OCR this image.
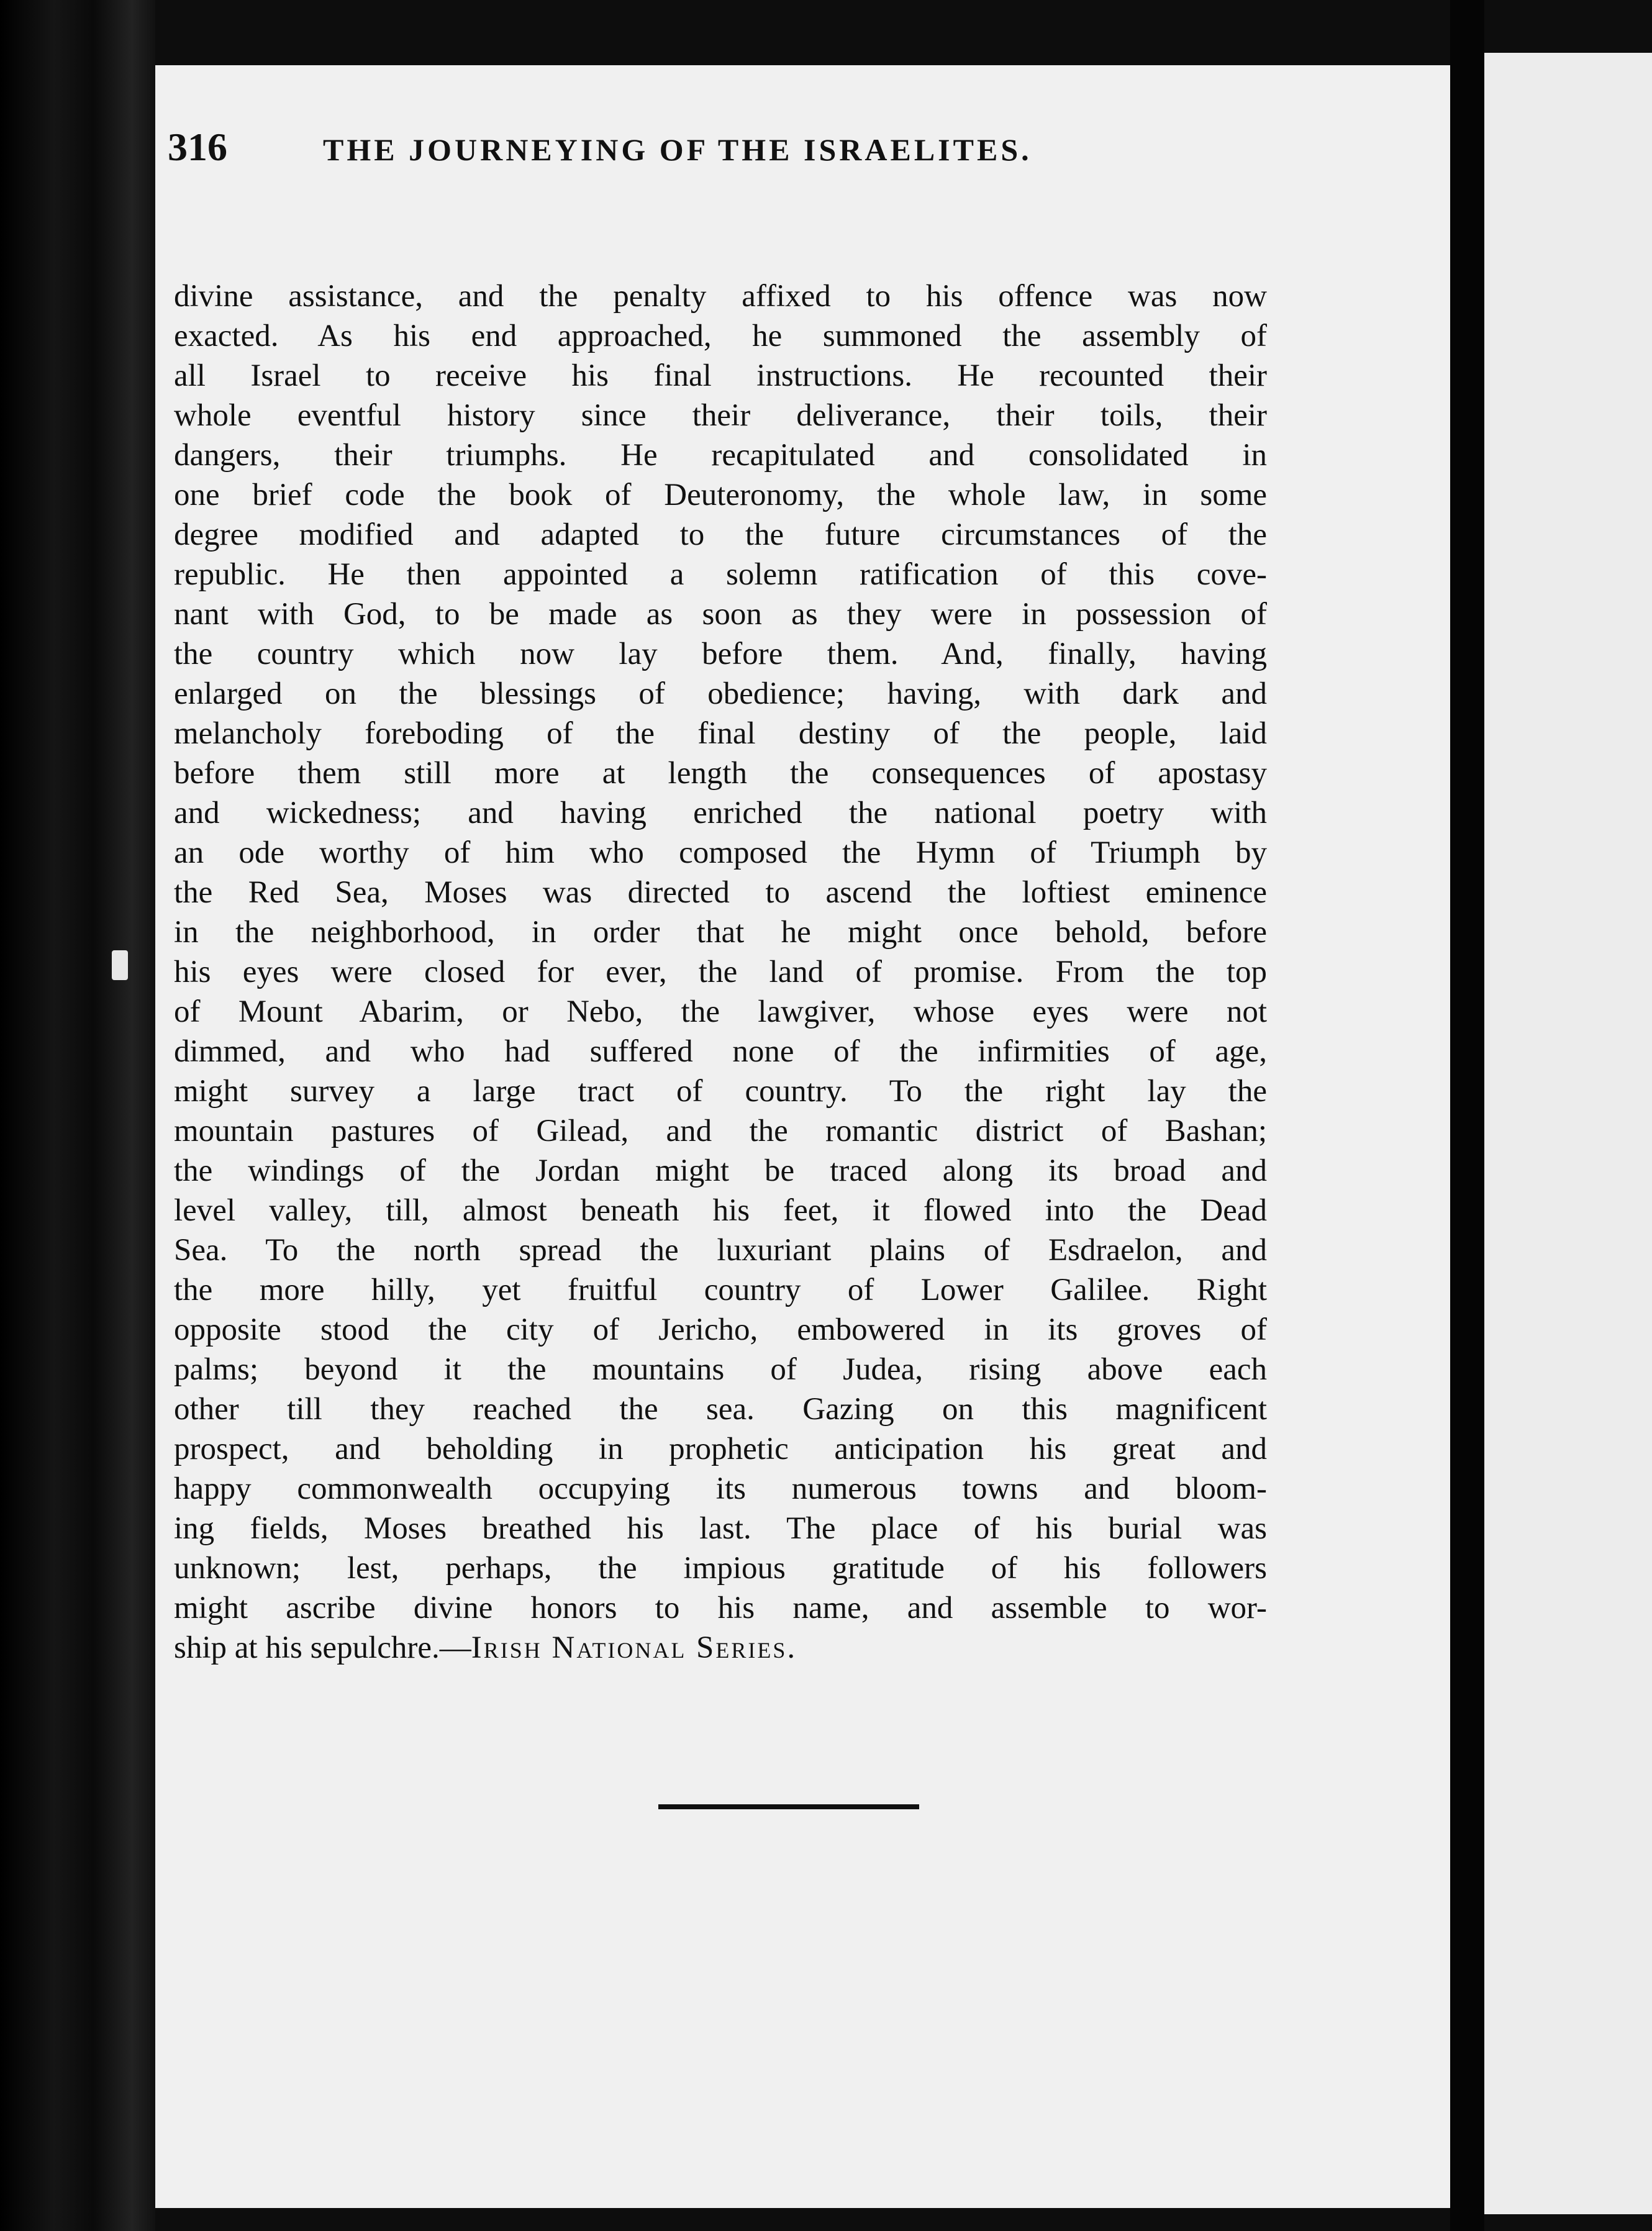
316	THE JOURNEYING OF THE ISRAELITES.
divine assistance, and the penalty affixed to his offence was now
exacted. As his end approached, he summoned the assembly of
all Israel to receive his final instructions. He recounted their
whole eventful history since their deliverance, their toils, their
dangers, their triumphs. He recapitulated and consolidated in
one brief code the book of Deuteronomy, the whole law, in some
degree modified and adapted to the future circumstances of the
republic. He then appointed a solemn ratification of this cove-
nant with God, to be made as soon as they were in possession of
the country which now lay before them. And, finally, having
enlarged on the blessings of obedience; having, with dark and
melancholy foreboding of the final destiny of the people, laid
before them still more at length the consequences of apostasy
and wickedness; and having enriched the national poetry with
an ode worthy of him who composed the Hymn of Triumph by
the Red Sea, Moses was directed to ascend the loftiest eminence
in the neighborhood, in order that he might once behold, before
his eyes were closed for ever, the land of promise. From the top
of Mount Abarim, or Nebo, the lawgiver, whose eyes were not
dimmed, and who had suffered none of the infirmities of age,
might survey a large tract of country. To the right lay the
mountain pastures of Gilead, and the romantic district of Bashan;
the windings of the Jordan might be traced along its broad and
level valley, till, almost beneath his feet, it flowed into the Dead
Sea. To the north spread the luxuriant plains of Esdraelon, and
the more hilly, yet fruitful country of Lower Galilee. Right
opposite stood the city of Jericho, embowered in its groves of
palms; beyond it the mountains of Judea, rising above each
other till they reached the sea. Gazing on this magnificent
prospect, and beholding in prophetic anticipation his great and
happy commonwealth occupying its numerous towns and bloom-
ing fields, Moses breathed his last. The place of his burial was
unknown; lest, perhaps, the impious gratitude of his followers
might ascribe divine honors to his name, and assemble to wor-
ship at his sepulchre.—Irish National Series.
